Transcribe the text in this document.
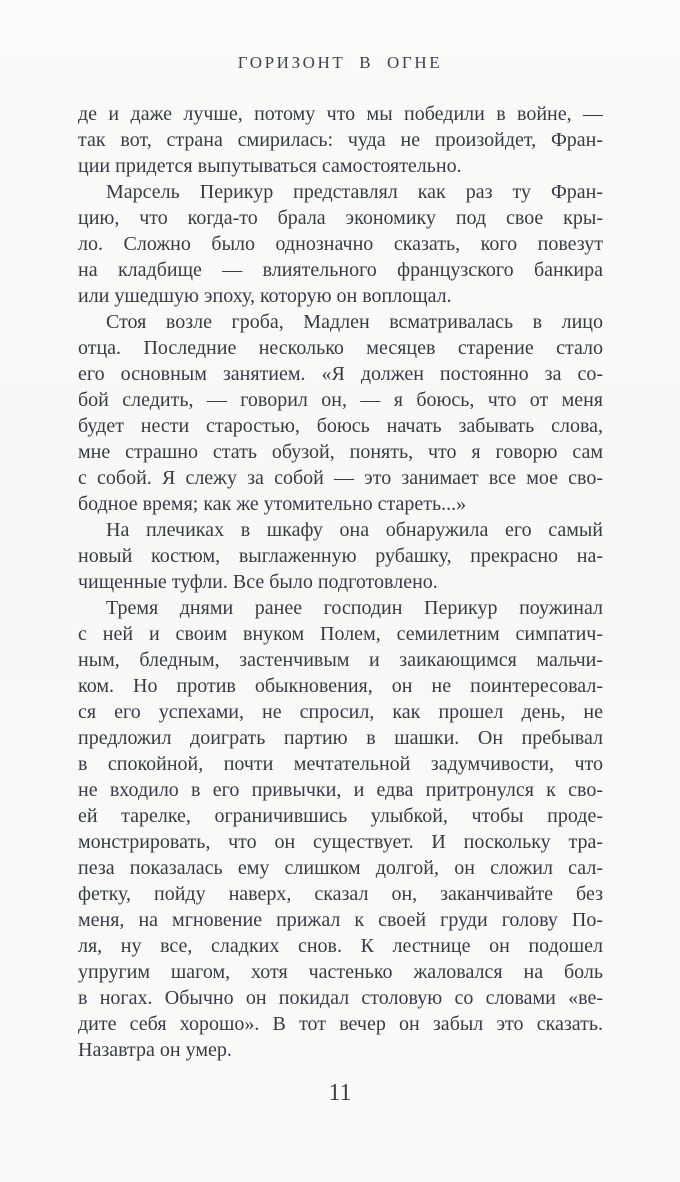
ГОРИЗОНТ В ОГНЕ
де и даже лучше, потому что мы победили в войне, —
так вот, страна смирилась: чуда не произойдет, Фран-
ции придется выпутываться самостоятельно.
Марсель Перикур представлял как раз ту Фран-
цию, что когда-то брала экономику под свое кры-
ло. Сложно было однозначно сказать, кого повезут
на кладбище — влиятельного французского банкира
или ушедшую эпоху, которую он воплощал.
Стоя возле гроба, Мадлен всматривалась в лицо
отца. Последние несколько месяцев старение стало
его основным занятием. «Я должен постоянно за со-
бой следить, — говорил он, — я боюсь, что от меня
будет нести старостью, боюсь начать забывать слова,
мне страшно стать обузой, понять, что я говорю сам
с собой. Я слежу за собой — это занимает все мое сво-
бодное время; как же утомительно стареть...»
На плечиках в шкафу она обнаружила его самый
новый костюм, выглаженную рубашку, прекрасно на-
чищенные туфли. Все было подготовлено.
Тремя днями ранее господин Перикур поужинал
с ней и своим внуком Полем, семилетним симпатич-
ным, бледным, застенчивым и заикающимся мальчи-
ком. Но против обыкновения, он не поинтересовал-
ся его успехами, не спросил, как прошел день, не
предложил доиграть партию в шашки. Он пребывал
в спокойной, почти мечтательной задумчивости, что
не входило в его привычки, и едва притронулся к сво-
ей тарелке, ограничившись улыбкой, чтобы проде-
монстрировать, что он существует. И поскольку тра-
пеза показалась ему слишком долгой, он сложил сал-
фетку, пойду наверх, сказал он, заканчивайте без
меня, на мгновение прижал к своей груди голову По-
ля, ну все, сладких снов. К лестнице он подошел
упругим шагом, хотя частенько жаловался на боль
в ногах. Обычно он покидал столовую со словами «ве-
дите себя хорошо». В тот вечер он забыл это сказать.
Назавтра он умер.
11
